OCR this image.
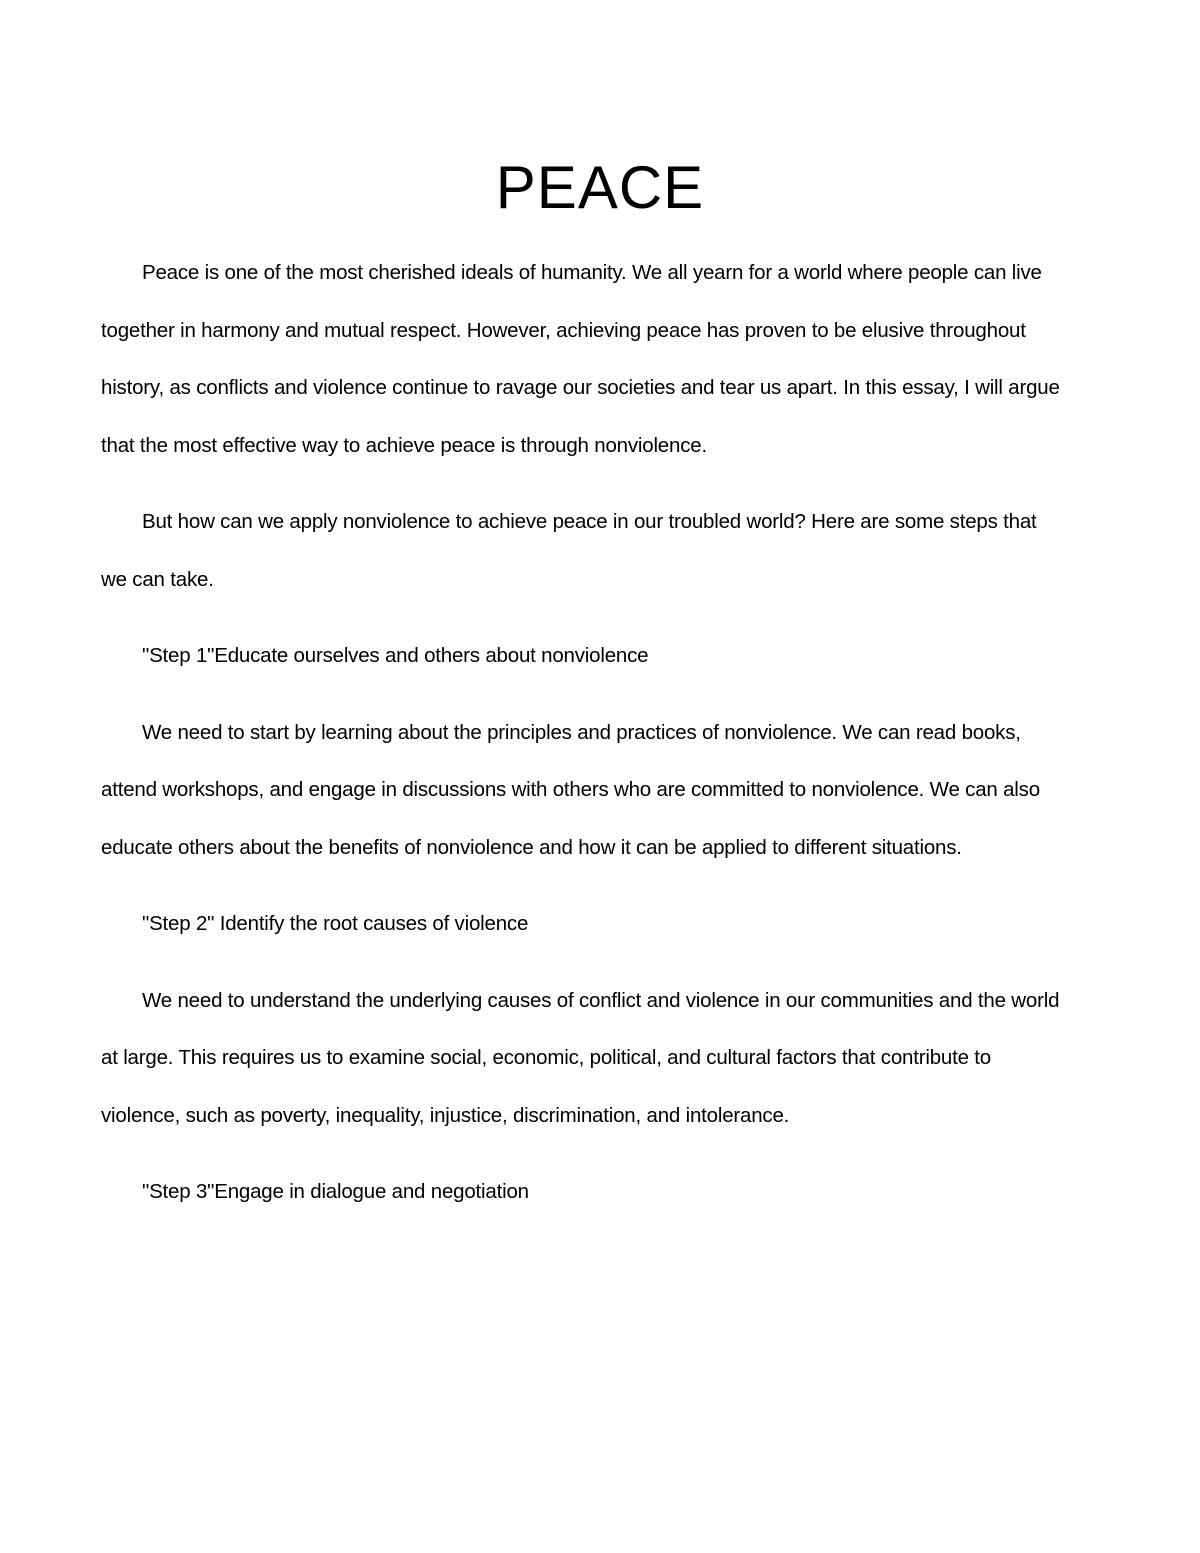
PEACE

Peace is one of the most cherished ideals of humanity. We all yearn for a world where people can live together in harmony and mutual respect. However, achieving peace has proven to be elusive throughout history, as conflicts and violence continue to ravage our societies and tear us apart. In this essay, I will argue that the most effective way to achieve peace is through nonviolence.

But how can we apply nonviolence to achieve peace in our troubled world? Here are some steps that we can take.

"Step 1"Educate ourselves and others about nonviolence

We need to start by learning about the principles and practices of nonviolence. We can read books, attend workshops, and engage in discussions with others who are committed to nonviolence. We can also educate others about the benefits of nonviolence and how it can be applied to different situations.

"Step 2" Identify the root causes of violence

We need to understand the underlying causes of conflict and violence in our communities and the world at large. This requires us to examine social, economic, political, and cultural factors that contribute to violence, such as poverty, inequality, injustice, discrimination, and intolerance.

"Step 3"Engage in dialogue and negotiation
